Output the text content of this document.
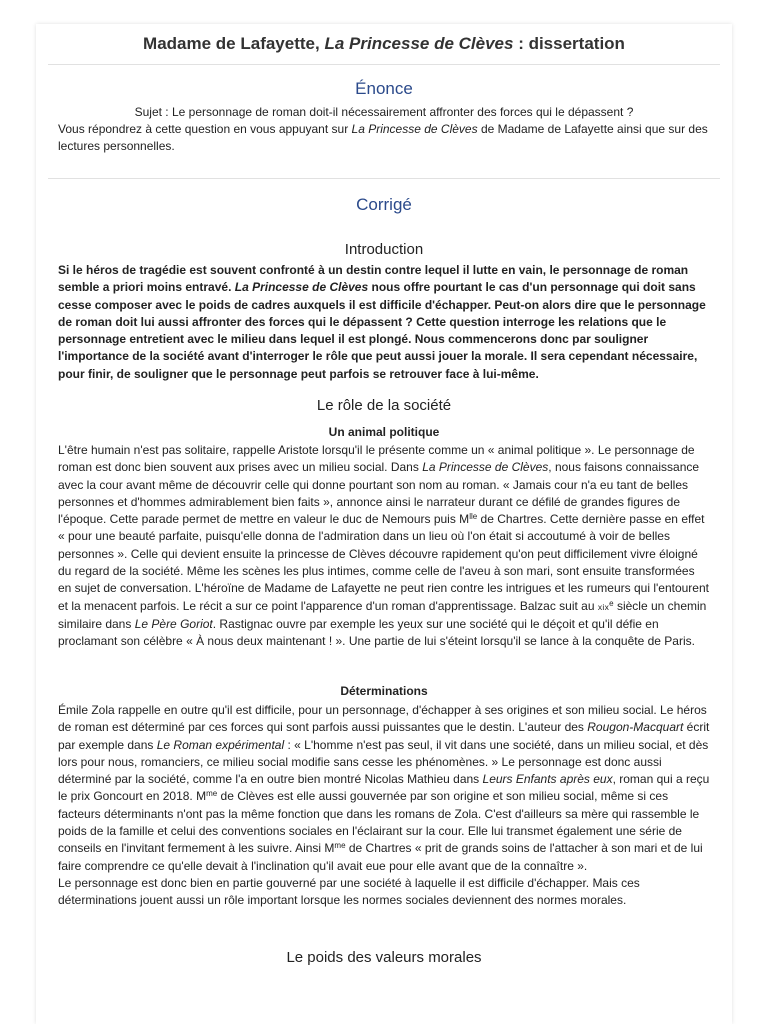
Madame de Lafayette, La Princesse de Clèves : dissertation
Énonce
Sujet : Le personnage de roman doit-il nécessairement affronter des forces qui le dépassent ?
Vous répondrez à cette question en vous appuyant sur La Princesse de Clèves de Madame de Lafayette ainsi que sur des lectures personnelles.
Corrigé
Introduction
Si le héros de tragédie est souvent confronté à un destin contre lequel il lutte en vain, le personnage de roman semble a priori moins entravé. La Princesse de Clèves nous offre pourtant le cas d'un personnage qui doit sans cesse composer avec le poids de cadres auxquels il est difficile d'échapper. Peut-on alors dire que le personnage de roman doit lui aussi affronter des forces qui le dépassent ? Cette question interroge les relations que le personnage entretient avec le milieu dans lequel il est plongé. Nous commencerons donc par souligner l'importance de la société avant d'interroger le rôle que peut aussi jouer la morale. Il sera cependant nécessaire, pour finir, de souligner que le personnage peut parfois se retrouver face à lui-même.
Le rôle de la société
Un animal politique
L'être humain n'est pas solitaire, rappelle Aristote lorsqu'il le présente comme un « animal politique ». Le personnage de roman est donc bien souvent aux prises avec un milieu social. Dans La Princesse de Clèves, nous faisons connaissance avec la cour avant même de découvrir celle qui donne pourtant son nom au roman. « Jamais cour n'a eu tant de belles personnes et d'hommes admirablement bien faits », annonce ainsi le narrateur durant ce défilé de grandes figures de l'époque. Cette parade permet de mettre en valeur le duc de Nemours puis $M^{lle}$ de Chartres. Cette dernière passe en effet « pour une beauté parfaite, puisqu'elle donna de l'admiration dans un lieu où l'on était si accoutumé à voir de belles personnes ». Celle qui devient ensuite la princesse de Clèves découvre rapidement qu'on peut difficilement vivre éloigné du regard de la société. Même les scènes les plus intimes, comme celle de l'aveu à son mari, sont ensuite transformées en sujet de conversation. L'héroïne de Madame de Lafayette ne peut rien contre les intrigues et les rumeurs qui l'entourent et la menacent parfois. Le récit a sur ce point l'apparence d'un roman d'apprentissage. Balzac suit au xix$^e$ siècle un chemin similaire dans Le Père Goriot. Rastignac ouvre par exemple les yeux sur une société qui le déçoit et qu'il défie en proclamant son célèbre « À nous deux maintenant ! ». Une partie de lui s'éteint lorsqu'il se lance à la conquête de Paris.
Déterminations
Émile Zola rappelle en outre qu'il est difficile, pour un personnage, d'échapper à ses origines et son milieu social. Le héros de roman est déterminé par ces forces qui sont parfois aussi puissantes que le destin. L'auteur des Rougon-Macquart écrit par exemple dans Le Roman expérimental : « L'homme n'est pas seul, il vit dans une société, dans un milieu social, et dès lors pour nous, romanciers, ce milieu social modifie sans cesse les phénomènes. » Le personnage est donc aussi déterminé par la société, comme l'a en outre bien montré Nicolas Mathieu dans Leurs Enfants après eux, roman qui a reçu le prix Goncourt en 2018. $M^{me}$ de Clèves est elle aussi gouvernée par son origine et son milieu social, même si ces facteurs déterminants n'ont pas la même fonction que dans les romans de Zola. C'est d'ailleurs sa mère qui rassemble le poids de la famille et celui des conventions sociales en l'éclairant sur la cour. Elle lui transmet également une série de conseils en l'invitant fermement à les suivre. Ainsi $M^{me}$ de Chartres « prit de grands soins de l'attacher à son mari et de lui faire comprendre ce qu'elle devait à l'inclination qu'il avait eue pour elle avant que de la connaître ».
Le personnage est donc bien en partie gouverné par une société à laquelle il est difficile d'échapper. Mais ces déterminations jouent aussi un rôle important lorsque les normes sociales deviennent des normes morales.
Le poids des valeurs morales
